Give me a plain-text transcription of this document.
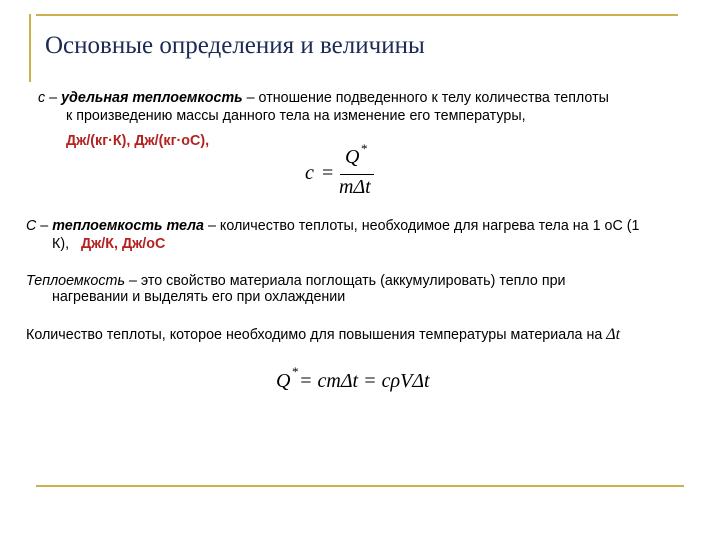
Основные определения и величины
c – удельная теплоемкость – отношение подведенного к телу количества теплоты
к произведению массы данного тела на изменение его температуры,
Дж/(кг·К), Дж/(кг·оС),
c =
Q *
mΔt
C – теплоемкость тела – количество теплоты, необходимое для нагрева тела на 1 оС (1
К), Дж/К, Дж/оС
Теплоемкость – это свойство материала поглощать (аккумулировать) тепло при
нагревании и выделять его при охлаждении
Количество теплоты, которое необходимо для повышения температуры материала на Δt
Q * = cmΔt = cρVΔt
